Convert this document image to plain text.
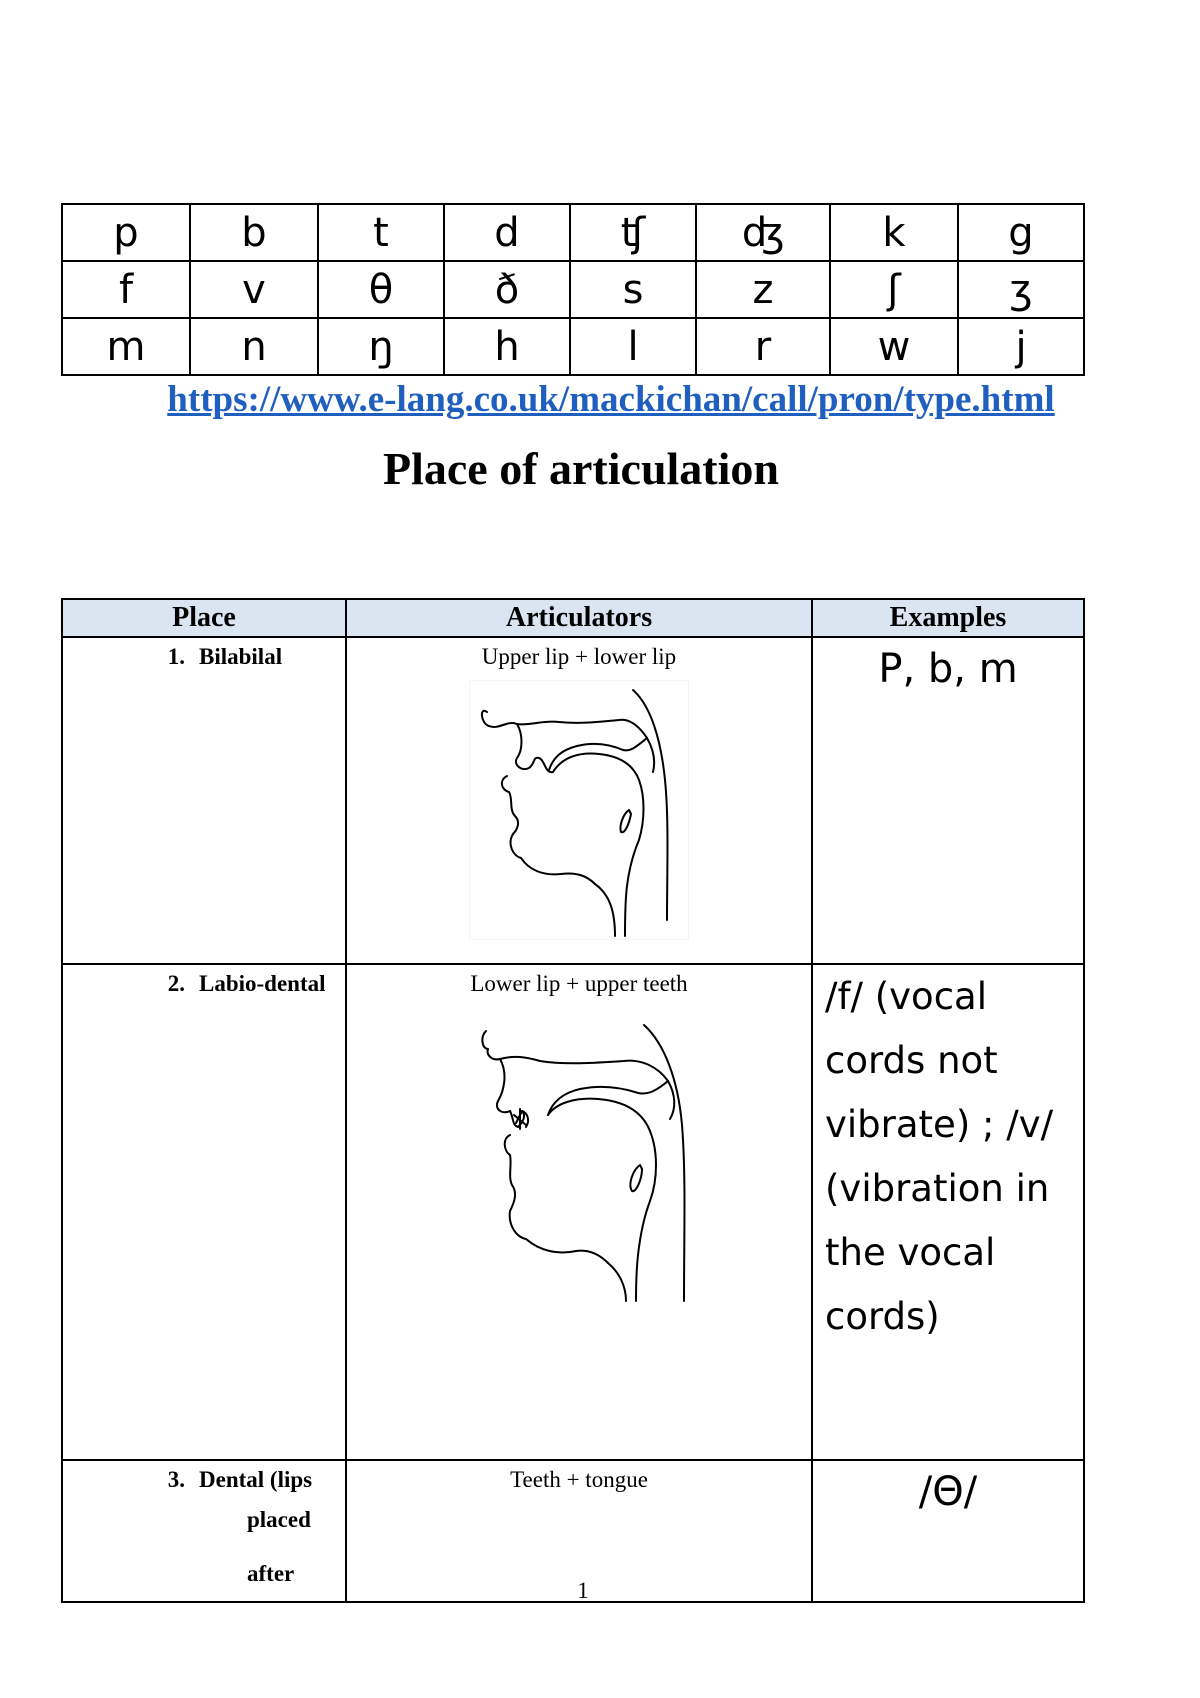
p	b	t	d	ʧ	ʤ	k	g
f	v	θ	ð	s	z	ʃ	ʒ
m	n	ŋ	h	l	r	w	j
https://www.e-lang.co.uk/mackichan/call/pron/type.html
Place of articulation
Place	Articulators	Examples
1. Bilabilal	Upper lip + lower lip	P, b, m
2. Labio-dental	Lower lip + upper teeth	/f/ (vocal cords not vibrate) ; /v/ (vibration in the vocal cords)
3. Dental (lips
placed after	Teeth + tongue	/Θ/
1
